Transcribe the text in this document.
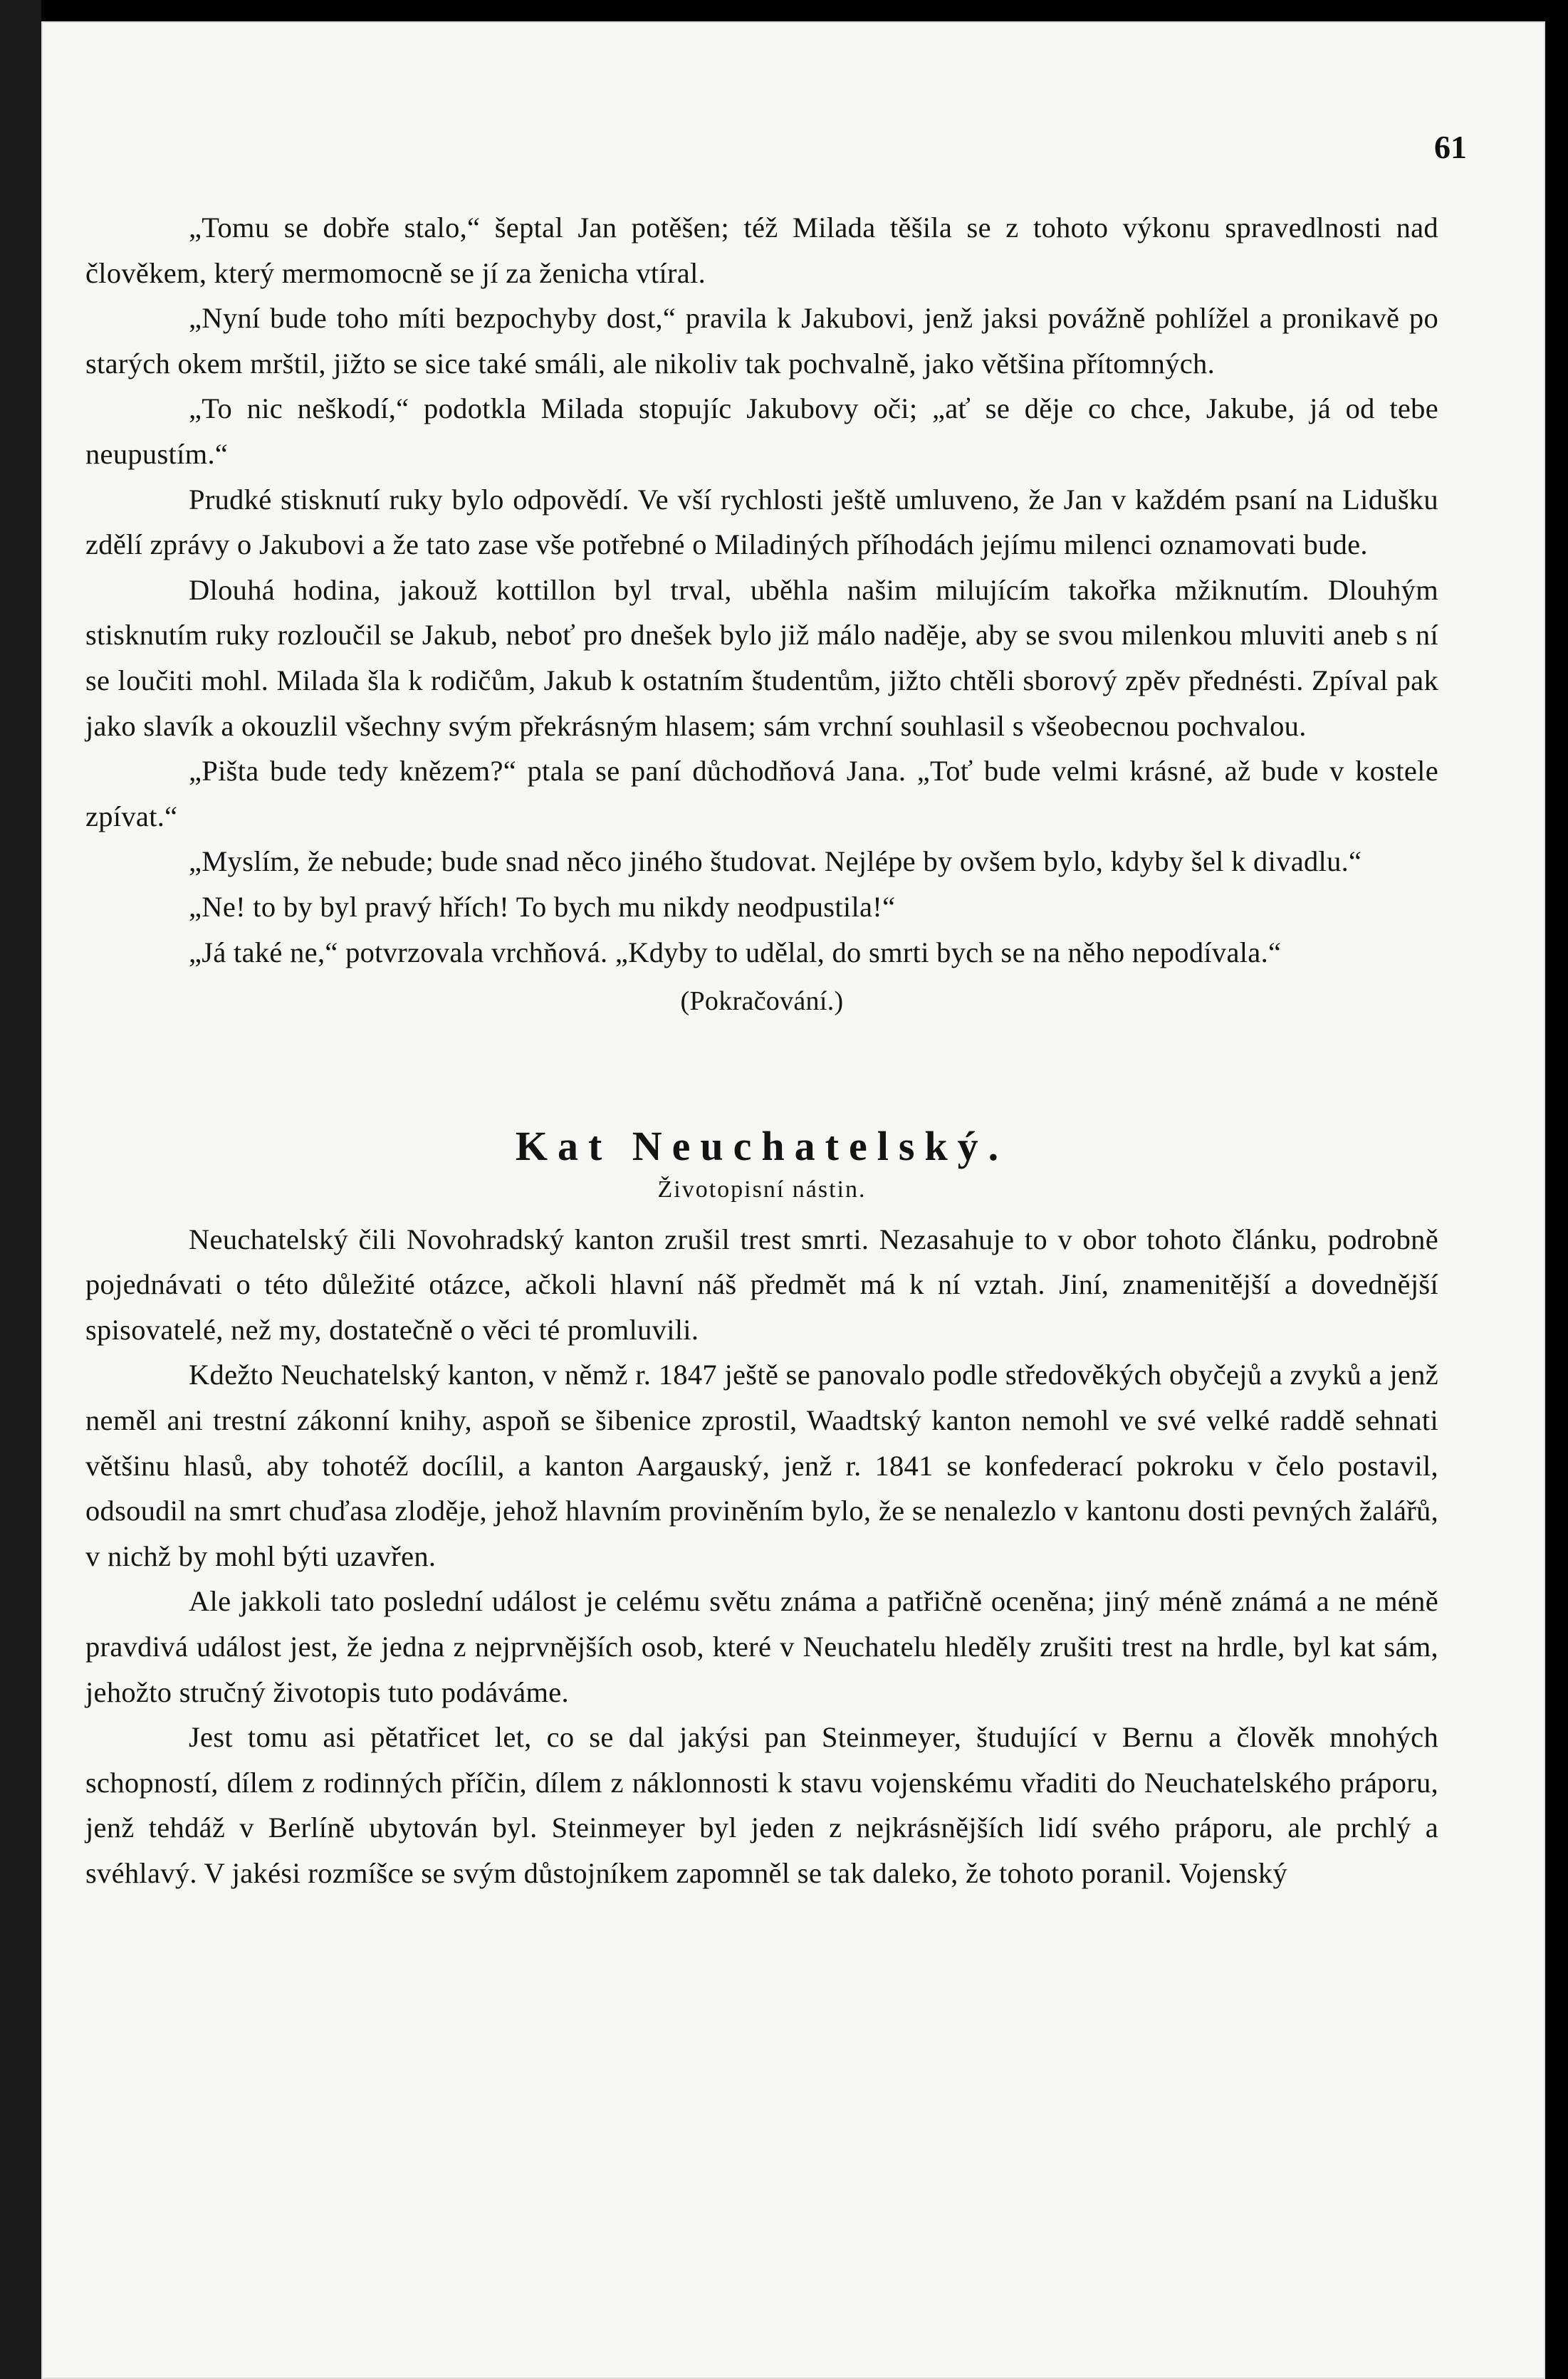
61

„Tomu se dobře stalo,“ šeptal Jan potěšen; též Milada těšila se z tohoto výkonu spravedlnosti nad člověkem, který mermomocně se jí za ženicha vtíral.

„Nyní bude toho míti bezpochyby dost,“ pravila k Jakubovi, jenž jaksi povážně pohlížel a pronikavě po starých okem mrštil, jižto se sice také smáli, ale nikoliv tak pochvalně, jako většina přítomných.

„To nic neškodí,“ podotkla Milada stopujíc Jakubovy oči; „ať se děje co chce, Jakube, já od tebe neupustím.“

Prudké stisknutí ruky bylo odpovědí. Ve vší rychlosti ještě umluveno, že Jan v každém psaní na Lidušku zdělí zprávy o Jakubovi a že tato zase vše potřebné o Miladiných příhodách jejímu milenci oznamovati bude.

Dlouhá hodina, jakouž kottillon byl trval, uběhla našim milujícím takořka mžiknutím. Dlouhým stisknutím ruky rozloučil se Jakub, neboť pro dnešek bylo již málo naděje, aby se svou milenkou mluviti aneb s ní se loučiti mohl. Milada šla k rodičům, Jakub k ostatním študentům, jižto chtěli sborový zpěv přednésti. Zpíval pak jako slavík a okouzlil všechny svým překrásným hlasem; sám vrchní souhlasil s všeobecnou pochvalou.

„Pišta bude tedy knězem?“ ptala se paní důchodňová Jana. „Toť bude velmi krásné, až bude v kostele zpívat.“

„Myslím, že nebude; bude snad něco jiného študovat. Nejlépe by ovšem bylo, kdyby šel k divadlu.“

„Ne! to by byl pravý hřích! To bych mu nikdy neodpustila!“

„Já také ne,“ potvrzovala vrchňová. „Kdyby to udělal, do smrti bych se na něho nepodívala.“

(Pokračování.)

Kat Neuchatelský.

Životopisní nástin.

Neuchatelský čili Novohradský kanton zrušil trest smrti. Nezasahuje to v obor tohoto článku, podrobně pojednávati o této důležité otázce, ačkoli hlavní náš předmět má k ní vztah. Jiní, znamenitější a dovednější spisovatelé, než my, dostatečně o věci té promluvili.

Kdežto Neuchatelský kanton, v němž r. 1847 ještě se panovalo podle středověkých obyčejů a zvyků a jenž neměl ani trestní zákonní knihy, aspoň se šibenice zprostil, Waadtský kanton nemohl ve své velké raddě sehnati většinu hlasů, aby tohotéž docílil, a kanton Aargauský, jenž r. 1841 se konfederací pokroku v čelo postavil, odsoudil na smrt chuďasa zloděje, jehož hlavním proviněním bylo, že se nenalezlo v kantonu dosti pevných žalářů, v nichž by mohl býti uzavřen.

Ale jakkoli tato poslední událost je celému světu známa a patřičně oceněna; jiný méně známá a ne méně pravdivá událost jest, že jedna z nejprvnějších osob, které v Neuchatelu hleděly zrušiti trest na hrdle, byl kat sám, jehožto stručný životopis tuto podáváme.

Jest tomu asi pětatřicet let, co se dal jakýsi pan Steinmeyer, študující v Bernu a člověk mnohých schopností, dílem z rodinných příčin, dílem z náklonnosti k stavu vojenskému vřaditi do Neuchatelského práporu, jenž tehdáž v Berlíně ubytován byl. Steinmeyer byl jeden z nejkrásnějších lidí svého práporu, ale prchlý a svéhlavý. V jakési rozmíšce se svým důstojníkem zapomněl se tak daleko, že tohoto poranil. Vojenský
